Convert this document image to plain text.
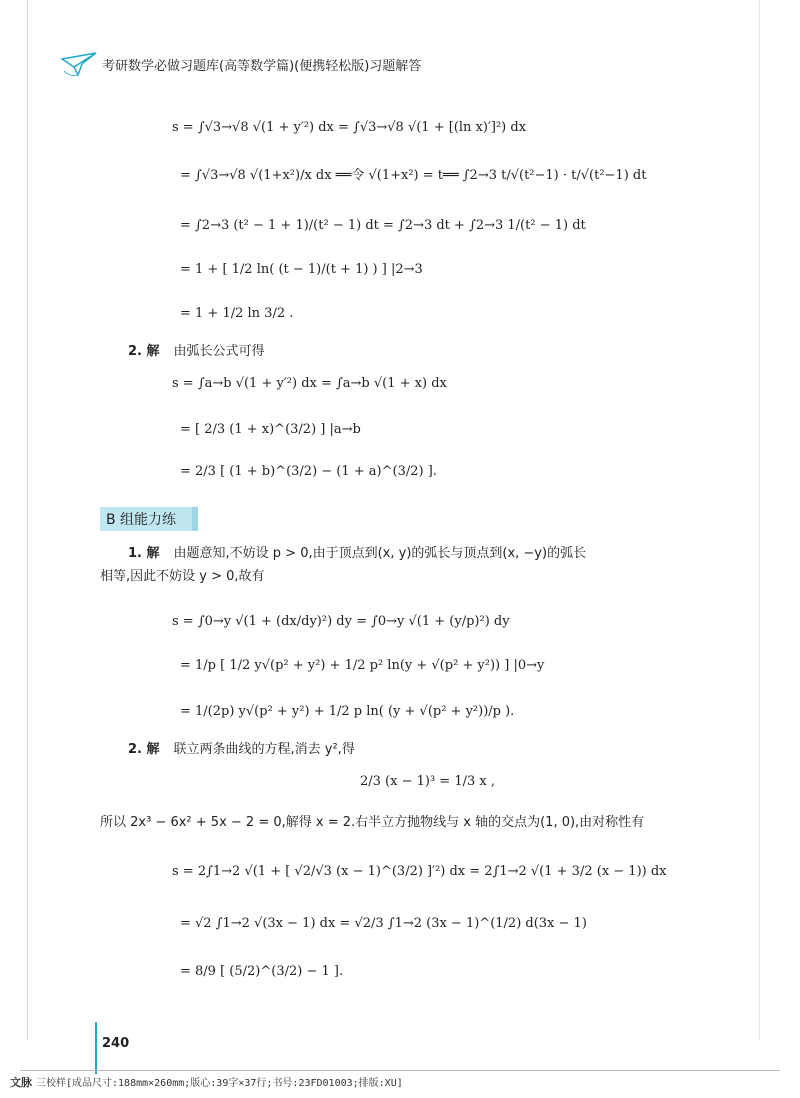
考研数学必做习题库(高等数学篇)(便携轻松版)习题解答
s = ∫√3→√8 √(1 + y′²) dx = ∫√3→√8 √(1 + [(ln x)′]²) dx
= ∫√3→√8 √(1+x²)/x dx ══令 √(1+x²) = t══ ∫2→3 t/√(t²−1) · t/√(t²−1) dt
= ∫2→3 (t² − 1 + 1)/(t² − 1) dt = ∫2→3 dt + ∫2→3 1/(t² − 1) dt
= 1 + [ 1/2 ln( (t − 1)/(t + 1) ) ] |2→3
= 1 + 1/2 ln 3/2 .
2. 解 由弧长公式可得
s = ∫a→b √(1 + y′²) dx = ∫a→b √(1 + x) dx
= [ 2/3 (1 + x)^(3/2) ] |a→b
= 2/3 [ (1 + b)^(3/2) − (1 + a)^(3/2) ].
B 组能力练
1. 解 由题意知,不妨设 p > 0,由于顶点到(x, y)的弧长与顶点到(x, −y)的弧长
相等,因此不妨设 y > 0,故有
s = ∫0→y √(1 + (dx/dy)²) dy = ∫0→y √(1 + (y/p)²) dy
= 1/p [ 1/2 y√(p² + y²) + 1/2 p² ln(y + √(p² + y²)) ] |0→y
= 1/(2p) y√(p² + y²) + 1/2 p ln( (y + √(p² + y²))/p ).
2. 解 联立两条曲线的方程,消去 y²,得
2/3 (x − 1)³ = 1/3 x ,
所以 2x³ − 6x² + 5x − 2 = 0,解得 x = 2.右半立方抛物线与 x 轴的交点为(1, 0),由对称性有
s = 2∫1→2 √(1 + [ √2/√3 (x − 1)^(3/2) ]′²) dx = 2∫1→2 √(1 + 3/2 (x − 1)) dx
= √2 ∫1→2 √(3x − 1) dx = √2/3 ∫1→2 (3x − 1)^(1/2) d(3x − 1)
= 8/9 [ (5/2)^(3/2) − 1 ].
240
文脉 三校样[成品尺寸:188mm×260mm;版心:39字×37行;书号:23FD01003;排版:XU]
